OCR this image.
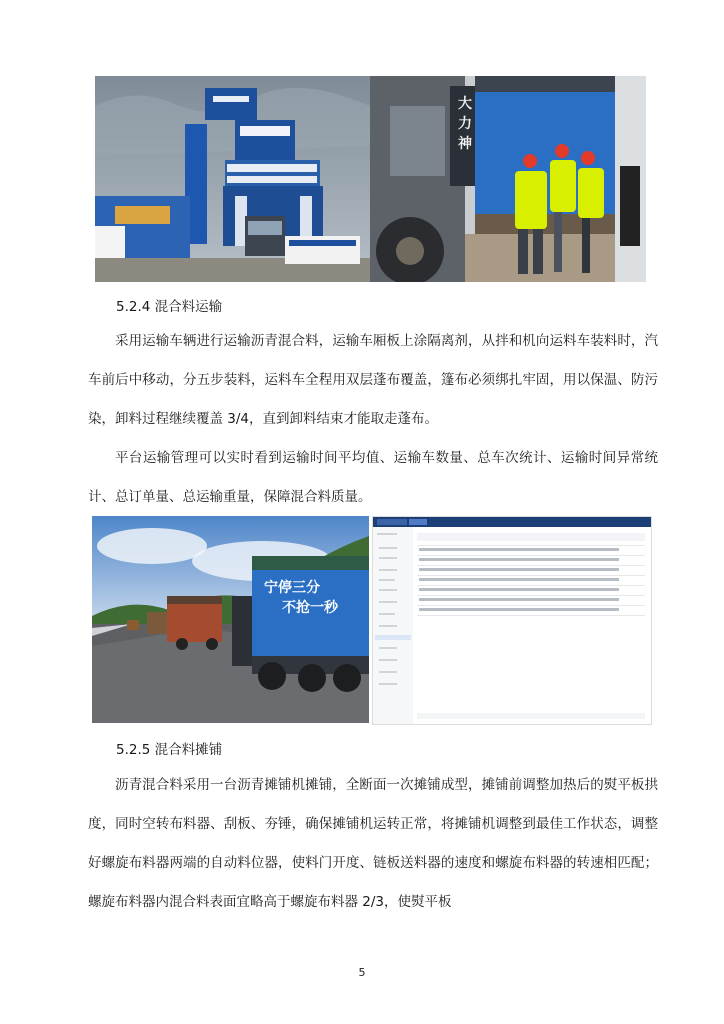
大
力
神
5.2.4 混合料运输

采用运输车辆进行运输沥青混合料，运输车厢板上涂隔离剂，从拌和机向运料车装料时，汽车前后中移动，分五步装料，运料车全程用双层蓬布覆盖，篷布必须绑扎牢固，用以保温、防污染，卸料过程继续覆盖 3/4，直到卸料结束才能取走蓬布。

平台运输管理可以实时看到运输时间平均值、运输车数量、总车次统计、运输时间异常统计、总订单量、总运输重量，保障混合料质量。

宁停三分
不抢一秒
5.2.5 混合料摊铺

沥青混合料采用一台沥青摊铺机摊铺，全断面一次摊铺成型，摊铺前调整加热后的熨平板拱度，同时空转布料器、刮板、夯锤，确保摊铺机运转正常，将摊铺机调整到最佳工作状态，调整好螺旋布料器两端的自动料位器，使料门开度、链板送料器的速度和螺旋布料器的转速相匹配；螺旋布料器内混合料表面宜略高于螺旋布料器 2/3，使熨平板

5
